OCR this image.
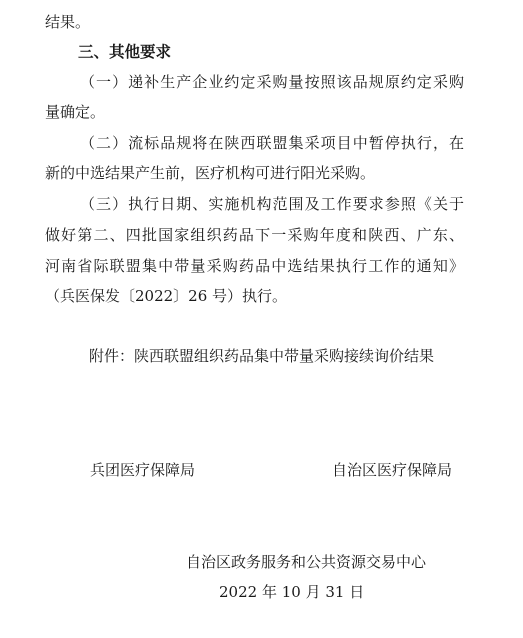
结果。
三、其他要求
（一）递补生产企业约定采购量按照该品规原约定采购
量确定。
（二）流标品规将在陕西联盟集采项目中暂停执行，在
新的中选结果产生前，医疗机构可进行阳光采购。
（三）执行日期、实施机构范围及工作要求参照《关于
做好第二、四批国家组织药品下一采购年度和陕西、广东、
河南省际联盟集中带量采购药品中选结果执行工作的通知》
（兵医保发〔2022〕26 号）执行。
附件：陕西联盟组织药品集中带量采购接续询价结果
兵团医疗保障局	自治区医疗保障局
自治区政务服务和公共资源交易中心
2022 年 10 月 31 日
